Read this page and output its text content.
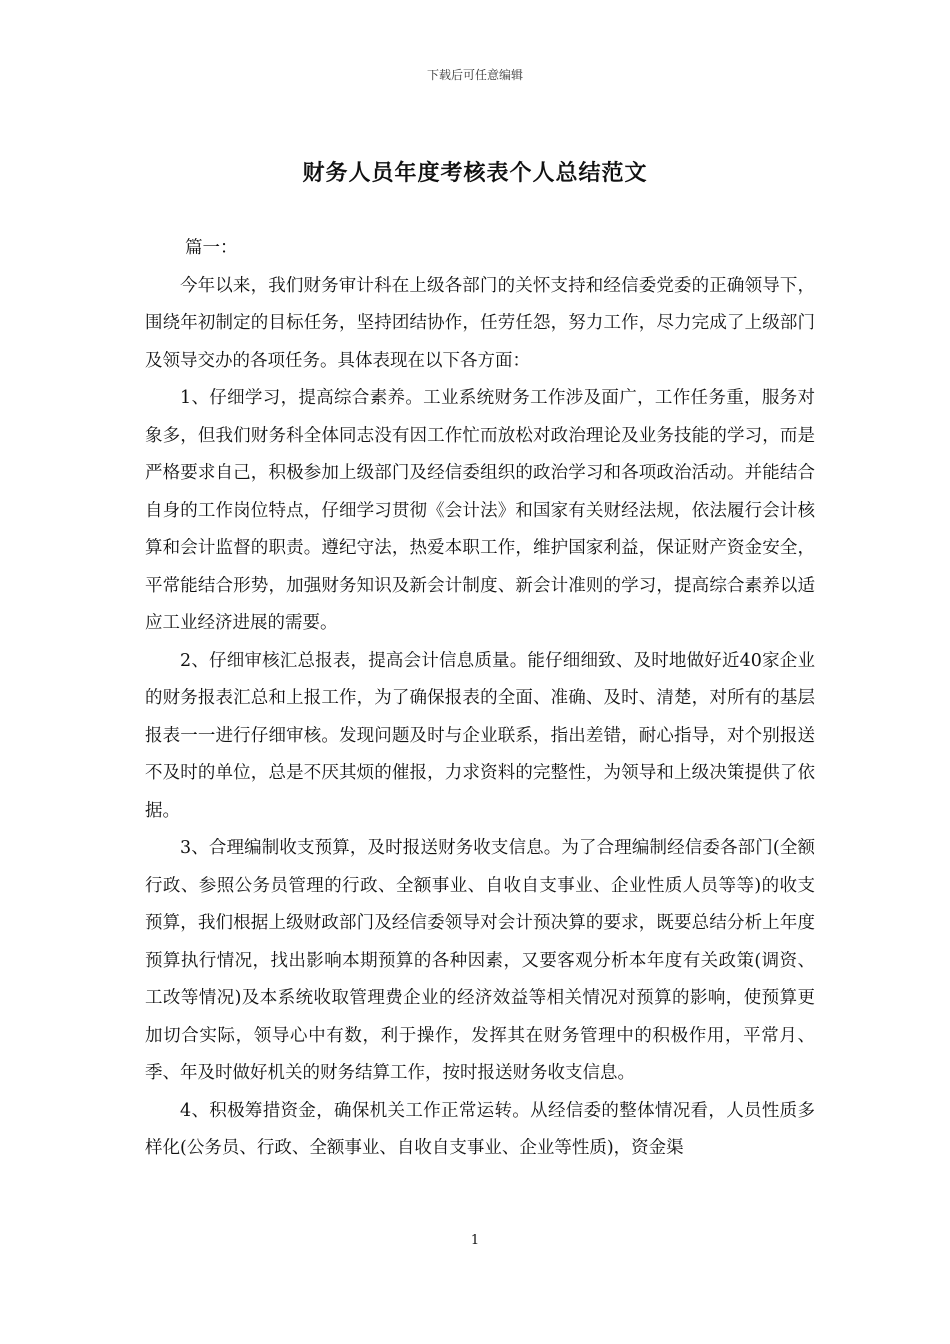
下载后可任意编辑
财务人员年度考核表个人总结范文
篇一：

今年以来，我们财务审计科在上级各部门的关怀支持和经信委党委的正确领导下，围绕年初制定的目标任务，坚持团结协作，任劳任怨，努力工作，尽力完成了上级部门及领导交办的各项任务。具体表现在以下各方面：

1、仔细学习，提高综合素养。工业系统财务工作涉及面广，工作任务重，服务对象多，但我们财务科全体同志没有因工作忙而放松对政治理论及业务技能的学习，而是严格要求自己，积极参加上级部门及经信委组织的政治学习和各项政治活动。并能结合自身的工作岗位特点，仔细学习贯彻《会计法》和国家有关财经法规，依法履行会计核算和会计监督的职责。遵纪守法，热爱本职工作，维护国家利益，保证财产资金安全，平常能结合形势，加强财务知识及新会计制度、新会计准则的学习，提高综合素养以适应工业经济进展的需要。

2、仔细审核汇总报表，提高会计信息质量。能仔细细致、及时地做好近40家企业的财务报表汇总和上报工作，为了确保报表的全面、准确、及时、清楚，对所有的基层报表一一进行仔细审核。发现问题及时与企业联系，指出差错，耐心指导，对个别报送不及时的单位，总是不厌其烦的催报，力求资料的完整性，为领导和上级决策提供了依据。

3、合理编制收支预算，及时报送财务收支信息。为了合理编制经信委各部门(全额行政、参照公务员管理的行政、全额事业、自收自支事业、企业性质人员等等)的收支预算，我们根据上级财政部门及经信委领导对会计预决算的要求，既要总结分析上年度预算执行情况，找出影响本期预算的各种因素，又要客观分析本年度有关政策(调资、工改等情况)及本系统收取管理费企业的经济效益等相关情况对预算的影响，使预算更加切合实际，领导心中有数，利于操作，发挥其在财务管理中的积极作用，平常月、季、年及时做好机关的财务结算工作，按时报送财务收支信息。

4、积极筹措资金，确保机关工作正常运转。从经信委的整体情况看，人员性质多样化(公务员、行政、全额事业、自收自支事业、企业等性质)，资金渠

1
